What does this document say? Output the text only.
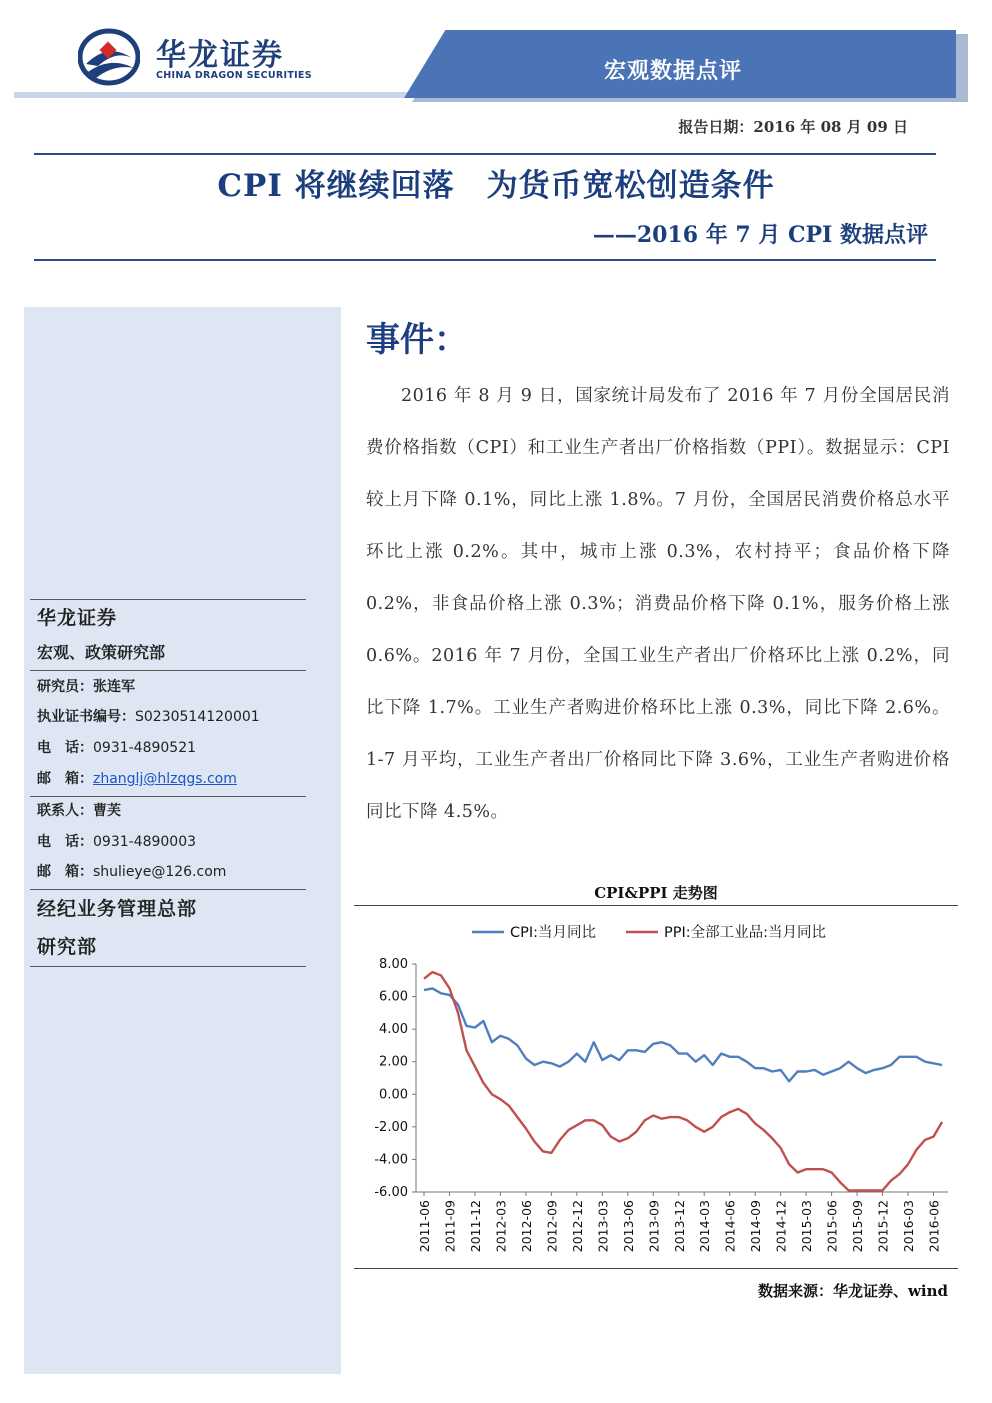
华龙证券
CHINA DRAGON SECURITIES	宏观数据点评
报告日期：2016 年 08 月 09 日
CPI 将继续回落　为货币宽松创造条件
——2016 年 7 月 CPI 数据点评
华龙证券
宏观、政策研究部
研究员：张连军
执业证书编号：S0230514120001
电　话：0931-4890521
邮　箱：zhanglj@hlzqgs.com
联系人：曹芙
电　话：0931-4890003
邮　箱：shulieye@126.com
经纪业务管理总部
研究部
事件：
2016 年 8 月 9 日，国家统计局发布了 2016 年 7 月份全国居民消费价格指数（CPI）和工业生产者出厂价格指数（PPI）。数据显示：CPI 较上月下降 0.1%，同比上涨 1.8%。7 月份，全国居民消费价格总水平环比上涨 0.2%。其中，城市上涨 0.3%，农村持平；食品价格下降 0.2%，非食品价格上涨 0.3%；消费品价格下降 0.1%，服务价格上涨 0.6%。2016 年 7 月份，全国工业生产者出厂价格环比上涨 0.2%，同比下降 1.7%。工业生产者购进价格环比上涨 0.3%，同比下降 2.6%。1-7 月平均，工业生产者出厂价格同比下降 3.6%，工业生产者购进价格同比下降 4.5%。
CPI&PPI 走势图
8.00
6.00
4.00
2.00
0.00
-2.00
-4.00
-6.00
2011-06 2011-09 2011-12 2012-03 2012-06 2012-09 2012-12 2013-03 2013-06 2013-09 2013-12 2014-03 2014-06 2014-09 2014-12 2015-03 2015-06 2015-09 2015-12 2016-03 2016-06
CPI:当月同比	PPI:全部工业品:当月同比
数据来源：华龙证券、wind
